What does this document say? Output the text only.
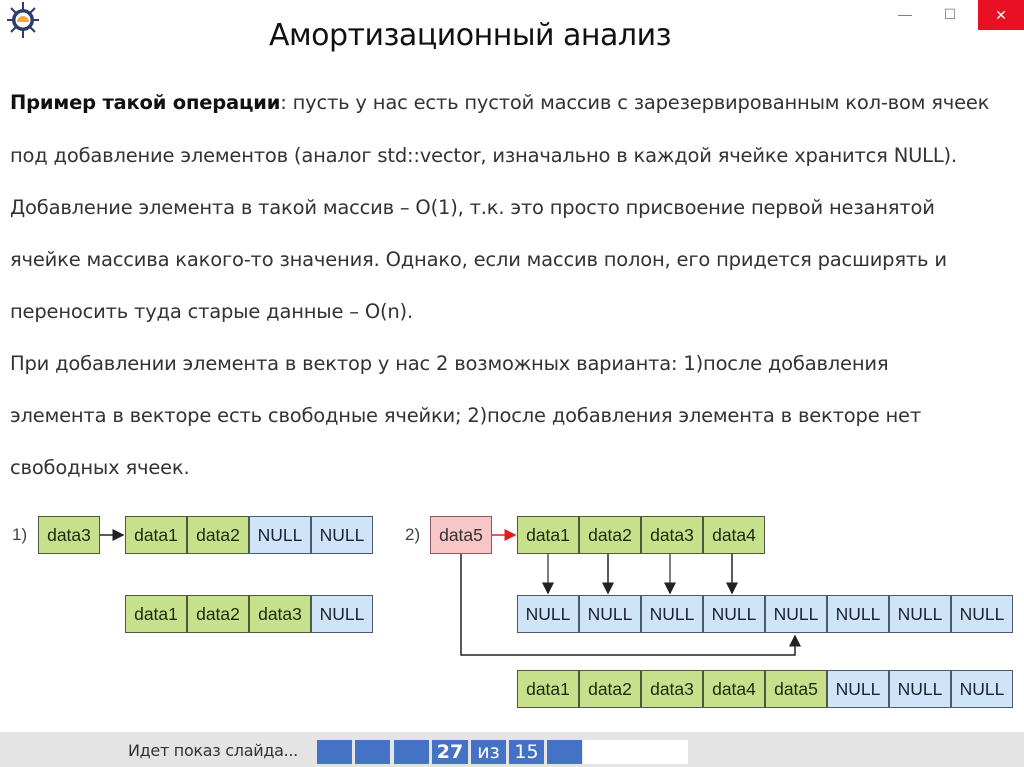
— ☐	✕
Амортизационный анализ
Пример такой операции: пусть у нас есть пустой массив с зарезервированным кол-вом ячеек
под добавление элементов (аналог std::vector, изначально в каждой ячейке хранится NULL).
Добавление элемента в такой массив – O(1), т.к. это просто присвоение первой незанятой
ячейке массива какого-то значения. Однако, если массив полон, его придется расширять и
переносить туда старые данные – O(n).
При добавлении элемента в вектор у нас 2 возможных варианта: 1)после добавления
элемента в векторе есть свободные ячейки; 2)после добавления элемента в векторе нет
свободных ячеек.
1)	data3	data1	data2	NULL NULL
data1	data2	data3	NULL
2)	data5	data1	data2	data3	data4
NULL NULL NULL NULL NULL NULL NULL NULL
data1	data2	data3	data4	data5	NULL NULL NULL
Идет показ слайда...	27 из 15
